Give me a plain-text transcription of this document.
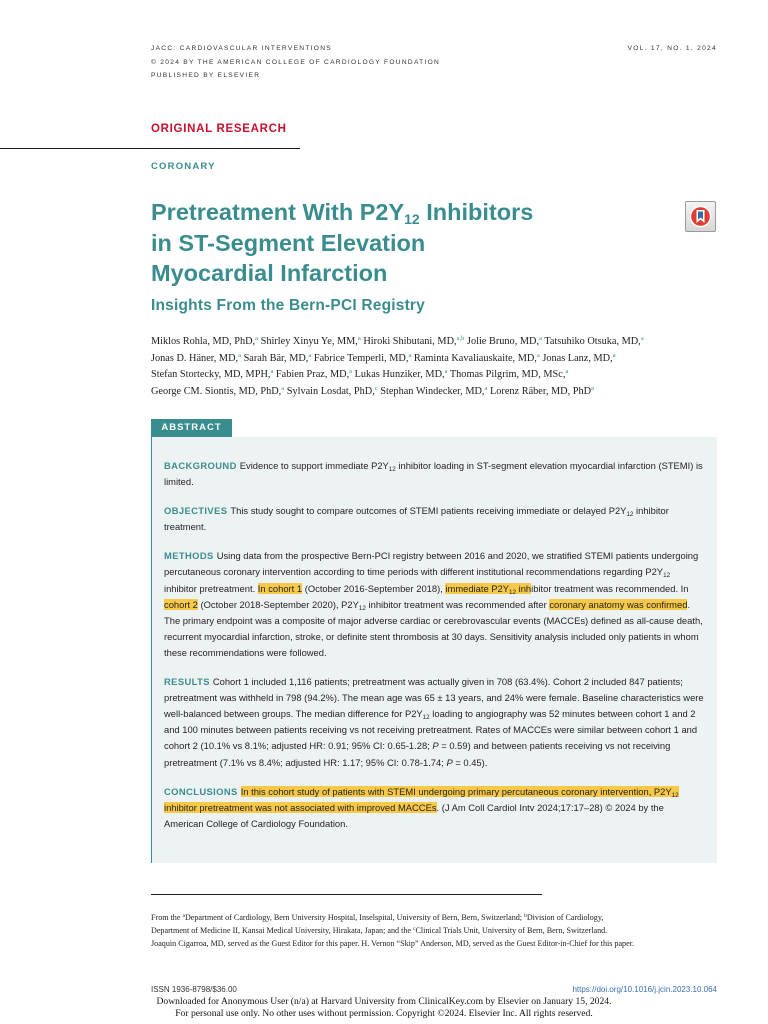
JACC: CARDIOVASCULAR INTERVENTIONS
© 2024 BY THE AMERICAN COLLEGE OF CARDIOLOGY FOUNDATION
PUBLISHED BY ELSEVIER
VOL. 17, NO. 1, 2024
ORIGINAL RESEARCH
CORONARY
Pretreatment With $P2Y_{12}$ Inhibitors
in ST-Segment Elevation
Myocardial Infarction
Insights From the Bern-PCI Registry
Miklos Rohla, MD, PhD,$^a$ Shirley Xinyu Ye, MM,$^a$ Hiroki Shibutani, MD,$^{a,b}$ Jolie Bruno, MD,$^a$ Tatsuhiko Otsuka, MD,$^a$
Jonas D. Häner, MD,$^a$ Sarah Bär, MD,$^a$ Fabrice Temperli, MD,$^a$ Raminta Kavaliauskaite, MD,$^a$ Jonas Lanz, MD,$^a$
Stefan Stortecky, MD, MPH,$^a$ Fabien Praz, MD,$^a$ Lukas Hunziker, MD,$^a$ Thomas Pilgrim, MD, MSc,$^a$
George CM. Siontis, MD, PhD,$^a$ Sylvain Losdat, PhD,$^c$ Stephan Windecker, MD,$^a$ Lorenz Räber, MD, PhD$^a$
ABSTRACT

BACKGROUND Evidence to support immediate $P2Y_{12}$ inhibitor loading in ST-segment elevation myocardial infarction (STEMI) is limited.

OBJECTIVES This study sought to compare outcomes of STEMI patients receiving immediate or delayed $P2Y_{12}$ inhibitor treatment.

METHODS Using data from the prospective Bern-PCI registry between 2016 and 2020, we stratified STEMI patients undergoing percutaneous coronary intervention according to time periods with different institutional recommendations regarding $P2Y_{12}$ inhibitor pretreatment. In cohort 1 (October 2016-September 2018), immediate $P2Y_{12}$ inhibitor treatment was recommended. In cohort 2 (October 2018-September 2020), $P2Y_{12}$ inhibitor treatment was recommended after coronary anatomy was confirmed. The primary endpoint was a composite of major adverse cardiac or cerebrovascular events (MACCEs) defined as all-cause death, recurrent myocardial infarction, stroke, or definite stent thrombosis at 30 days. Sensitivity analysis included only patients in whom these recommendations were followed.

RESULTS Cohort 1 included 1,116 patients; pretreatment was actually given in 708 (63.4%). Cohort 2 included 847 patients; pretreatment was withheld in 798 (94.2%). The mean age was 65 ± 13 years, and 24% were female. Baseline characteristics were well-balanced between groups. The median difference for $P2Y_{12}$ loading to angiography was 52 minutes between cohort 1 and 2 and 100 minutes between patients receiving vs not receiving pretreatment. Rates of MACCEs were similar between cohort 1 and cohort 2 (10.1% vs 8.1%; adjusted HR: 0.91; 95% CI: 0.65-1.28; P = 0.59) and between patients receiving vs not receiving pretreatment (7.1% vs 8.4%; adjusted HR: 1.17; 95% CI: 0.78-1.74; P = 0.45).

CONCLUSIONS In this cohort study of patients with STEMI undergoing primary percutaneous coronary intervention, $P2Y_{12}$ inhibitor pretreatment was not associated with improved MACCEs. (J Am Coll Cardiol Intv 2024;17:17–28) © 2024 by the American College of Cardiology Foundation.

From the $^a$Department of Cardiology, Bern University Hospital, Inselspital, University of Bern, Bern, Switzerland; $^b$Division of Cardiology, Department of Medicine II, Kansai Medical University, Hirakata, Japan; and the $^c$Clinical Trials Unit, University of Bern, Bern, Switzerland.

Joaquin Cigarroa, MD, served as the Guest Editor for this paper. H. Vernon “Skip” Anderson, MD, served as the Guest Editor-in-Chief for this paper.

ISSN 1936-8798/$36.00	https://doi.org/10.1016/j.jcin.2023.10.064
Downloaded for Anonymous User (n/a) at Harvard University from ClinicalKey.com by Elsevier on January 15, 2024.
For personal use only. No other uses without permission. Copyright ©2024. Elsevier Inc. All rights reserved.
